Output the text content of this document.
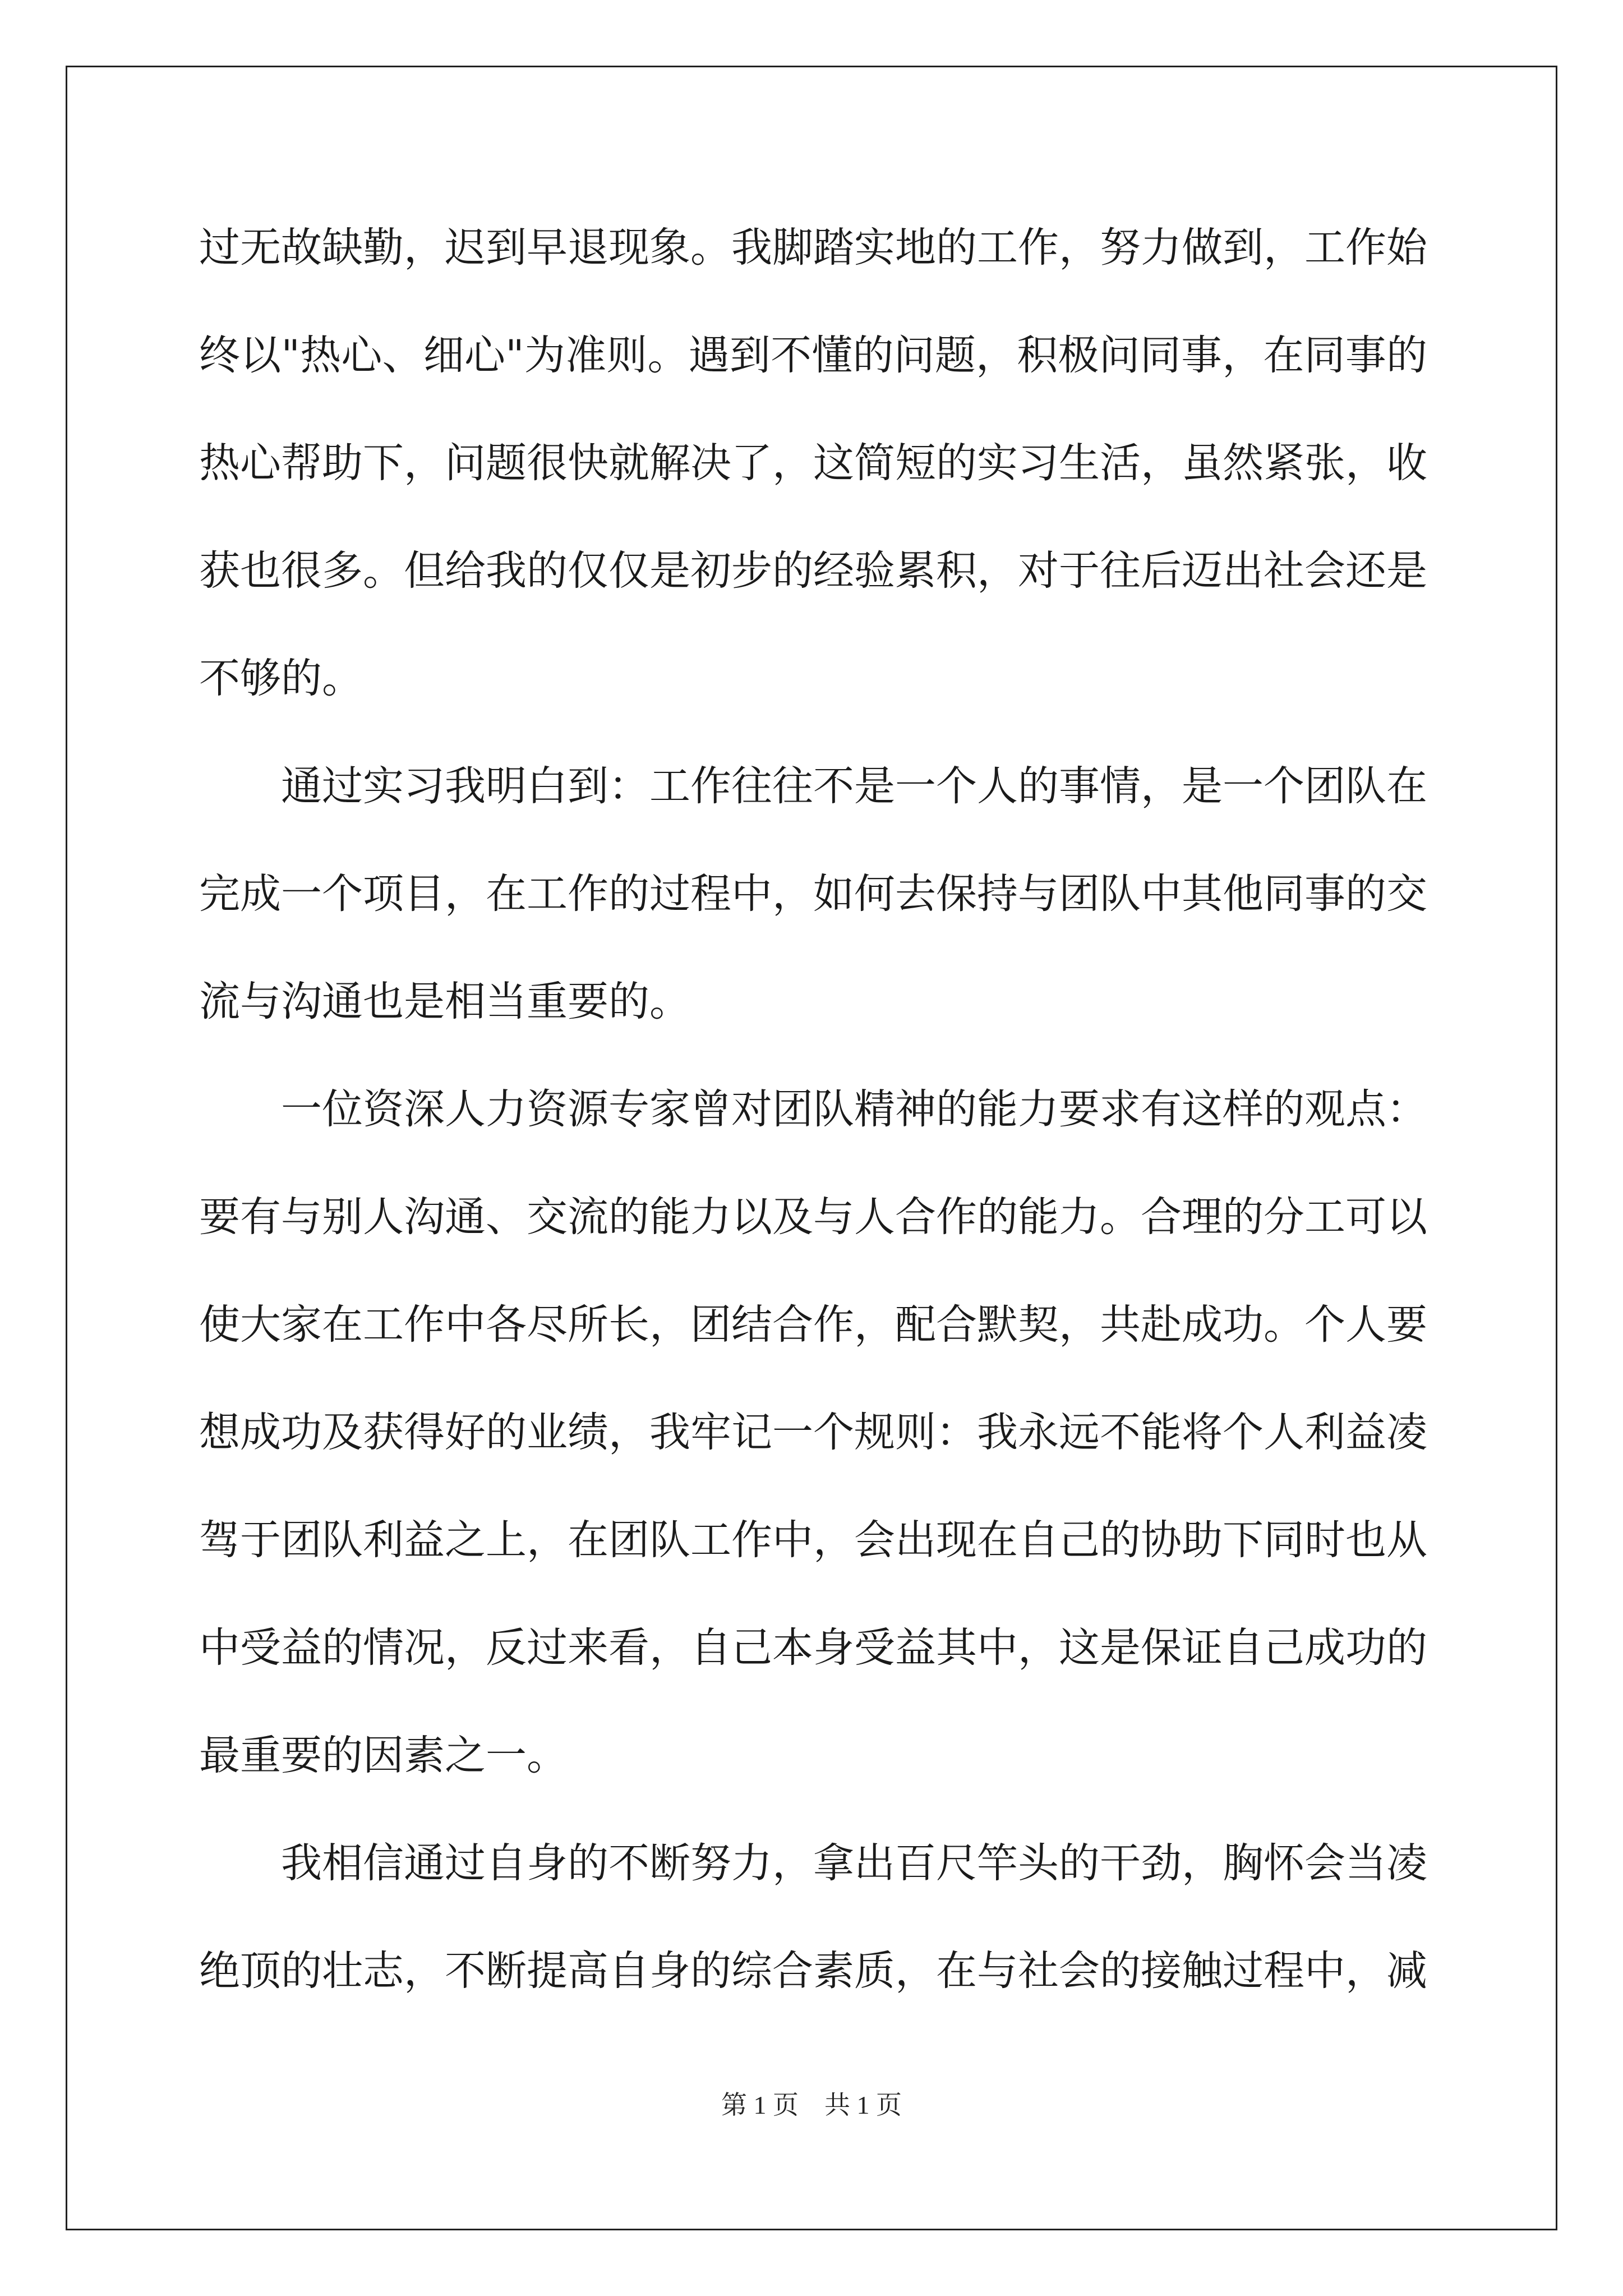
过无故缺勤，迟到早退现象。我脚踏实地的工作，努力做到，工作始
终以"热心、细心"为准则。遇到不懂的问题，积极问同事，在同事的
热心帮助下，问题很快就解决了，这简短的实习生活，虽然紧张，收
获也很多。但给我的仅仅是初步的经验累积，对于往后迈出社会还是
不够的。
　　通过实习我明白到：工作往往不是一个人的事情，是一个团队在
完成一个项目，在工作的过程中，如何去保持与团队中其他同事的交
流与沟通也是相当重要的。
　　一位资深人力资源专家曾对团队精神的能力要求有这样的观点：
要有与别人沟通、交流的能力以及与人合作的能力。合理的分工可以
使大家在工作中各尽所长，团结合作，配合默契，共赴成功。个人要
想成功及获得好的业绩，我牢记一个规则：我永远不能将个人利益凌
驾于团队利益之上，在团队工作中，会出现在自己的协助下同时也从
中受益的情况，反过来看，自己本身受益其中，这是保证自己成功的
最重要的因素之一。
　　我相信通过自身的不断努力，拿出百尺竿头的干劲，胸怀会当凌
绝顶的壮志，不断提高自身的综合素质，在与社会的接触过程中，减
第 1 页　共 1 页
